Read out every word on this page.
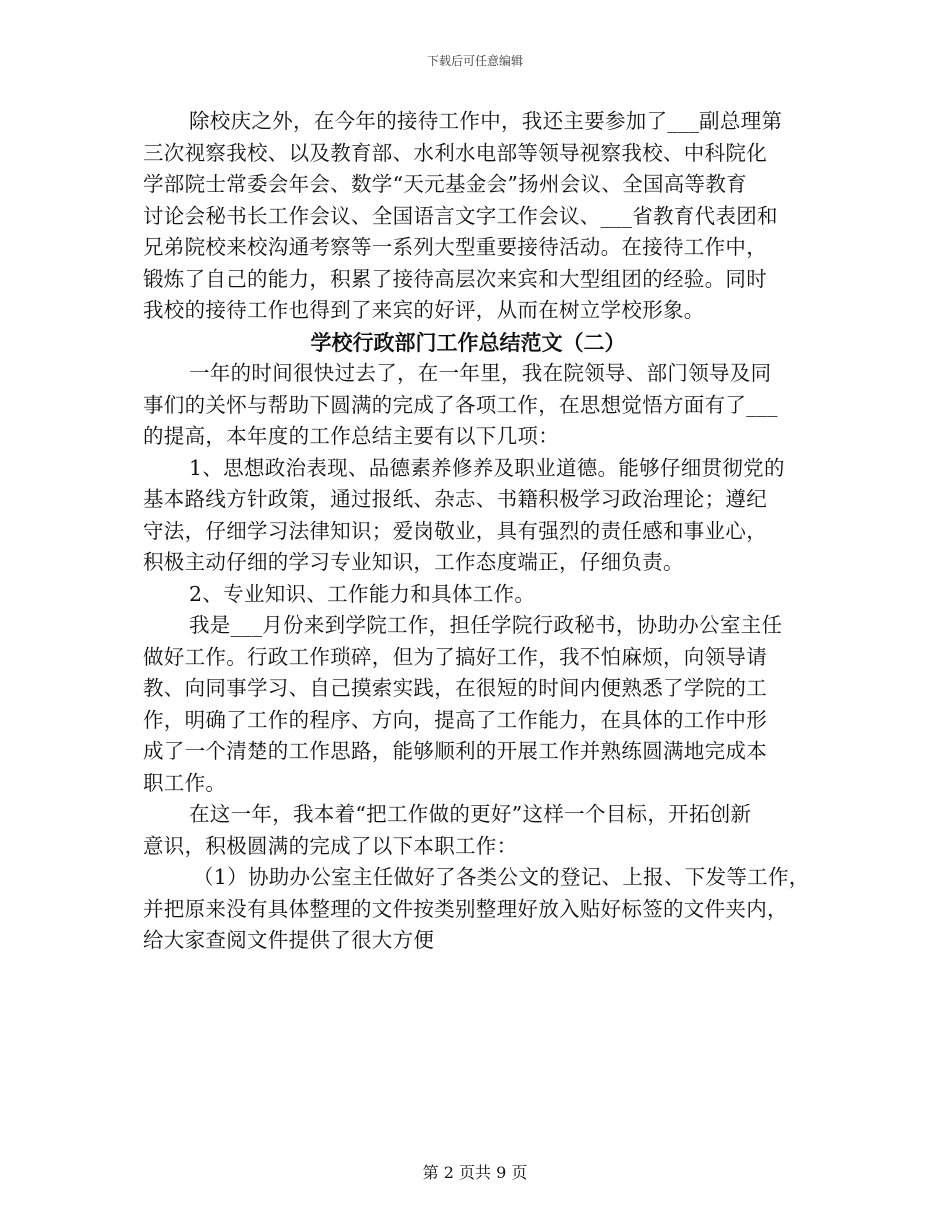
下载后可任意编辑
除校庆之外，在今年的接待工作中，我还主要参加了___副总理第
三次视察我校、以及教育部、水利水电部等领导视察我校、中科院化
学部院士常委会年会、数学“天元基金会”扬州会议、全国高等教育
讨论会秘书长工作会议、全国语言文字工作会议、___省教育代表团和
兄弟院校来校沟通考察等一系列大型重要接待活动。在接待工作中，
锻炼了自己的能力，积累了接待高层次来宾和大型组团的经验。同时
我校的接待工作也得到了来宾的好评，从而在树立学校形象。
学校行政部门工作总结范文（二）
一年的时间很快过去了，在一年里，我在院领导、部门领导及同
事们的关怀与帮助下圆满的完成了各项工作，在思想觉悟方面有了___
的提高，本年度的工作总结主要有以下几项：
1、思想政治表现、品德素养修养及职业道德。能够仔细贯彻党的
基本路线方针政策，通过报纸、杂志、书籍积极学习政治理论；遵纪
守法，仔细学习法律知识；爱岗敬业，具有强烈的责任感和事业心，
积极主动仔细的学习专业知识，工作态度端正，仔细负责。
2、专业知识、工作能力和具体工作。
我是___月份来到学院工作，担任学院行政秘书，协助办公室主任
做好工作。行政工作琐碎，但为了搞好工作，我不怕麻烦，向领导请
教、向同事学习、自己摸索实践，在很短的时间内便熟悉了学院的工
作，明确了工作的程序、方向，提高了工作能力，在具体的工作中形
成了一个清楚的工作思路，能够顺利的开展工作并熟练圆满地完成本
职工作。
在这一年，我本着“把工作做的更好”这样一个目标，开拓创新
意识，积极圆满的完成了以下本职工作：
（1）协助办公室主任做好了各类公文的登记、上报、下发等工作，
并把原来没有具体整理的文件按类别整理好放入贴好标签的文件夹内，
给大家查阅文件提供了很大方便
第 2 页共 9 页
